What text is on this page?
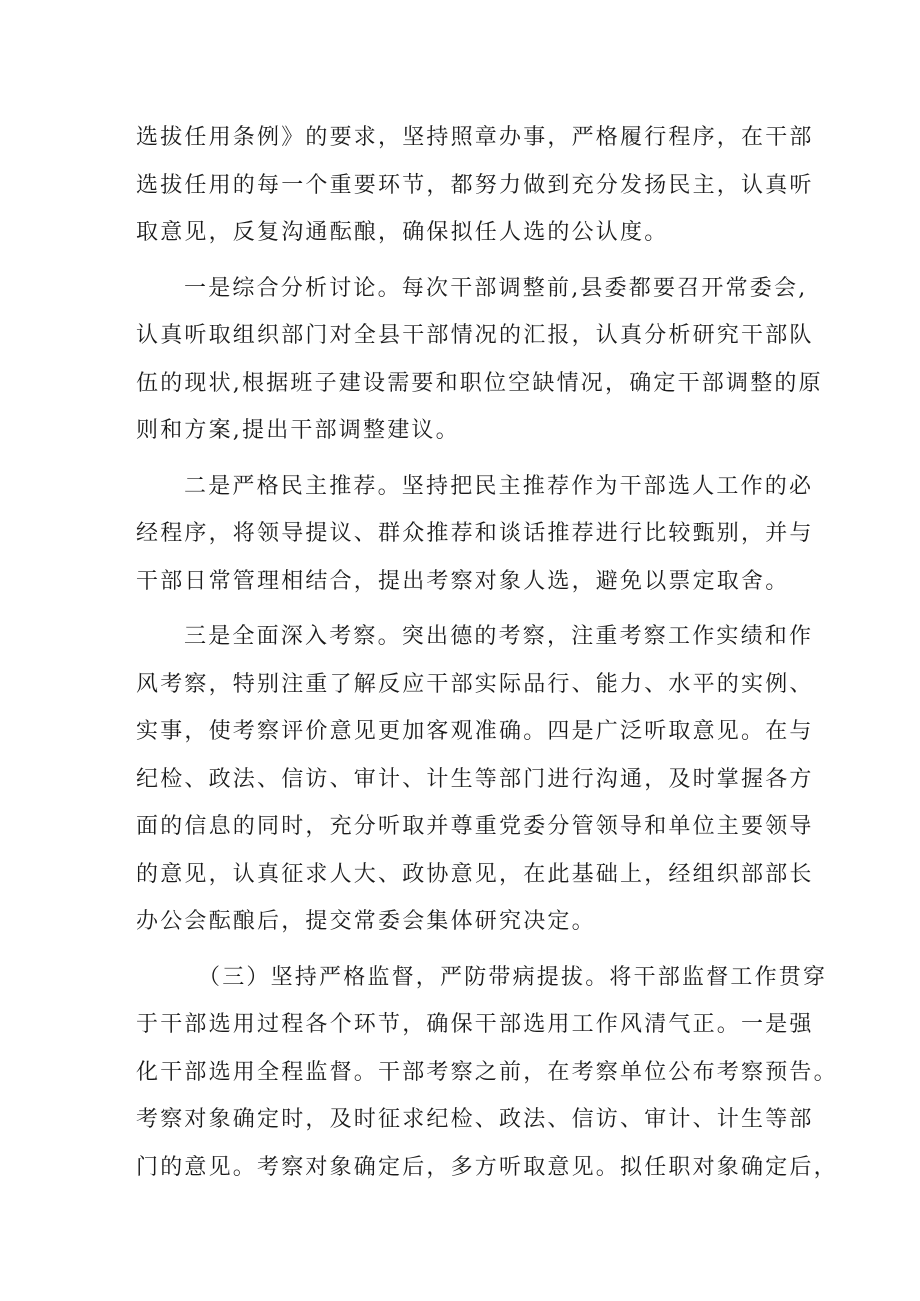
选拔任用条例》的要求，坚持照章办事，严格履行程序，在干部
选拔任用的每一个重要环节，都努力做到充分发扬民主，认真听
取意见，反复沟通酝酿，确保拟任人选的公认度。
一是综合分析讨论。每次干部调整前,县委都要召开常委会,
认真听取组织部门对全县干部情况的汇报，认真分析研究干部队
伍的现状,根据班子建设需要和职位空缺情况，确定干部调整的原
则和方案,提出干部调整建议。
二是严格民主推荐。坚持把民主推荐作为干部选人工作的必
经程序，将领导提议、群众推荐和谈话推荐进行比较甄别，并与
干部日常管理相结合，提出考察对象人选，避免以票定取舍。
三是全面深入考察。突出德的考察，注重考察工作实绩和作
风考察，特别注重了解反应干部实际品行、能力、水平的实例、
实事，使考察评价意见更加客观准确。四是广泛听取意见。在与
纪检、政法、信访、审计、计生等部门进行沟通，及时掌握各方
面的信息的同时，充分听取并尊重党委分管领导和单位主要领导
的意见，认真征求人大、政协意见，在此基础上，经组织部部长
办公会酝酿后，提交常委会集体研究决定。
（三）坚持严格监督，严防带病提拔。将干部监督工作贯穿
于干部选用过程各个环节，确保干部选用工作风清气正。一是强
化干部选用全程监督。干部考察之前，在考察单位公布考察预告。
考察对象确定时，及时征求纪检、政法、信访、审计、计生等部
门的意见。考察对象确定后，多方听取意见。拟任职对象确定后，
